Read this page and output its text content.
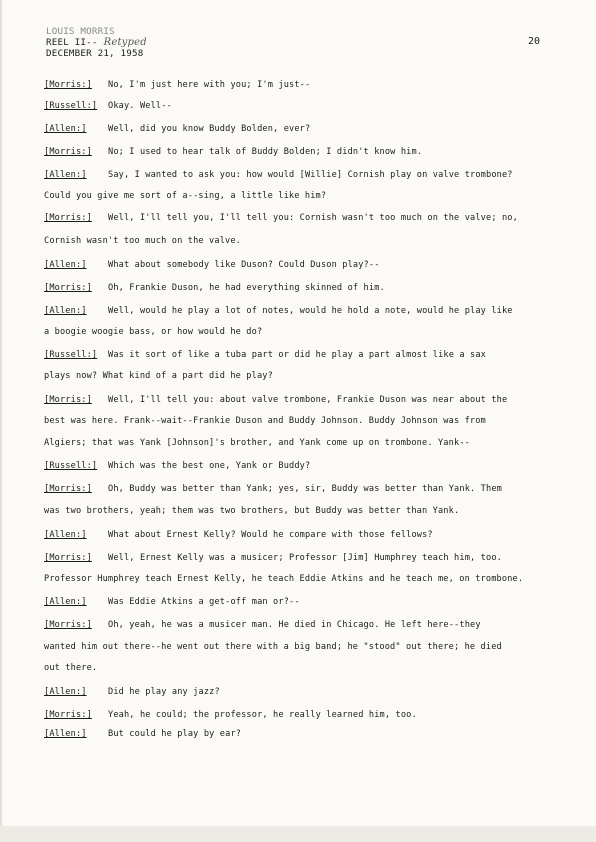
LOUIS MORRIS
REEL II-- Retyped
DECEMBER 21, 1958
20
[Morris:] No, I'm just here with you; I'm just--
[Russell:] Okay. Well--
[Allen:] Well, did you know Buddy Bolden, ever?
[Morris:] No; I used to hear talk of Buddy Bolden; I didn't know him.
[Allen:] Say, I wanted to ask you: how would [Willie] Cornish play on valve trombone?
Could you give me sort of a--sing, a little like him?
[Morris:] Well, I'll tell you, I'll tell you: Cornish wasn't too much on the valve; no,
Cornish wasn't too much on the valve.
[Allen:] What about somebody like Duson? Could Duson play?--
[Morris:] Oh, Frankie Duson, he had everything skinned of him.
[Allen:] Well, would he play a lot of notes, would he hold a note, would he play like
a boogie woogie bass, or how would he do?
[Russell:] Was it sort of like a tuba part or did he play a part almost like a sax
plays now? What kind of a part did he play?
[Morris:] Well, I'll tell you: about valve trombone, Frankie Duson was near about the
best was here. Frank--wait--Frankie Duson and Buddy Johnson. Buddy Johnson was from
Algiers; that was Yank [Johnson]'s brother, and Yank come up on trombone. Yank--
[Russell:] Which was the best one, Yank or Buddy?
[Morris:] Oh, Buddy was better than Yank; yes, sir, Buddy was better than Yank. Them
was two brothers, yeah; them was two brothers, but Buddy was better than Yank.
[Allen:] What about Ernest Kelly? Would he compare with those fellows?
[Morris:] Well, Ernest Kelly was a musicer; Professor [Jim] Humphrey teach him, too.
Professor Humphrey teach Ernest Kelly, he teach Eddie Atkins and he teach me, on trombone.
[Allen:] Was Eddie Atkins a get-off man or?--
[Morris:] Oh, yeah, he was a musicer man. He died in Chicago. He left here--they
wanted him out there--he went out there with a big band; he "stood" out there; he died
out there.
[Allen:] Did he play any jazz?
[Morris:] Yeah, he could; the professor, he really learned him, too.
[Allen:] But could he play by ear?
